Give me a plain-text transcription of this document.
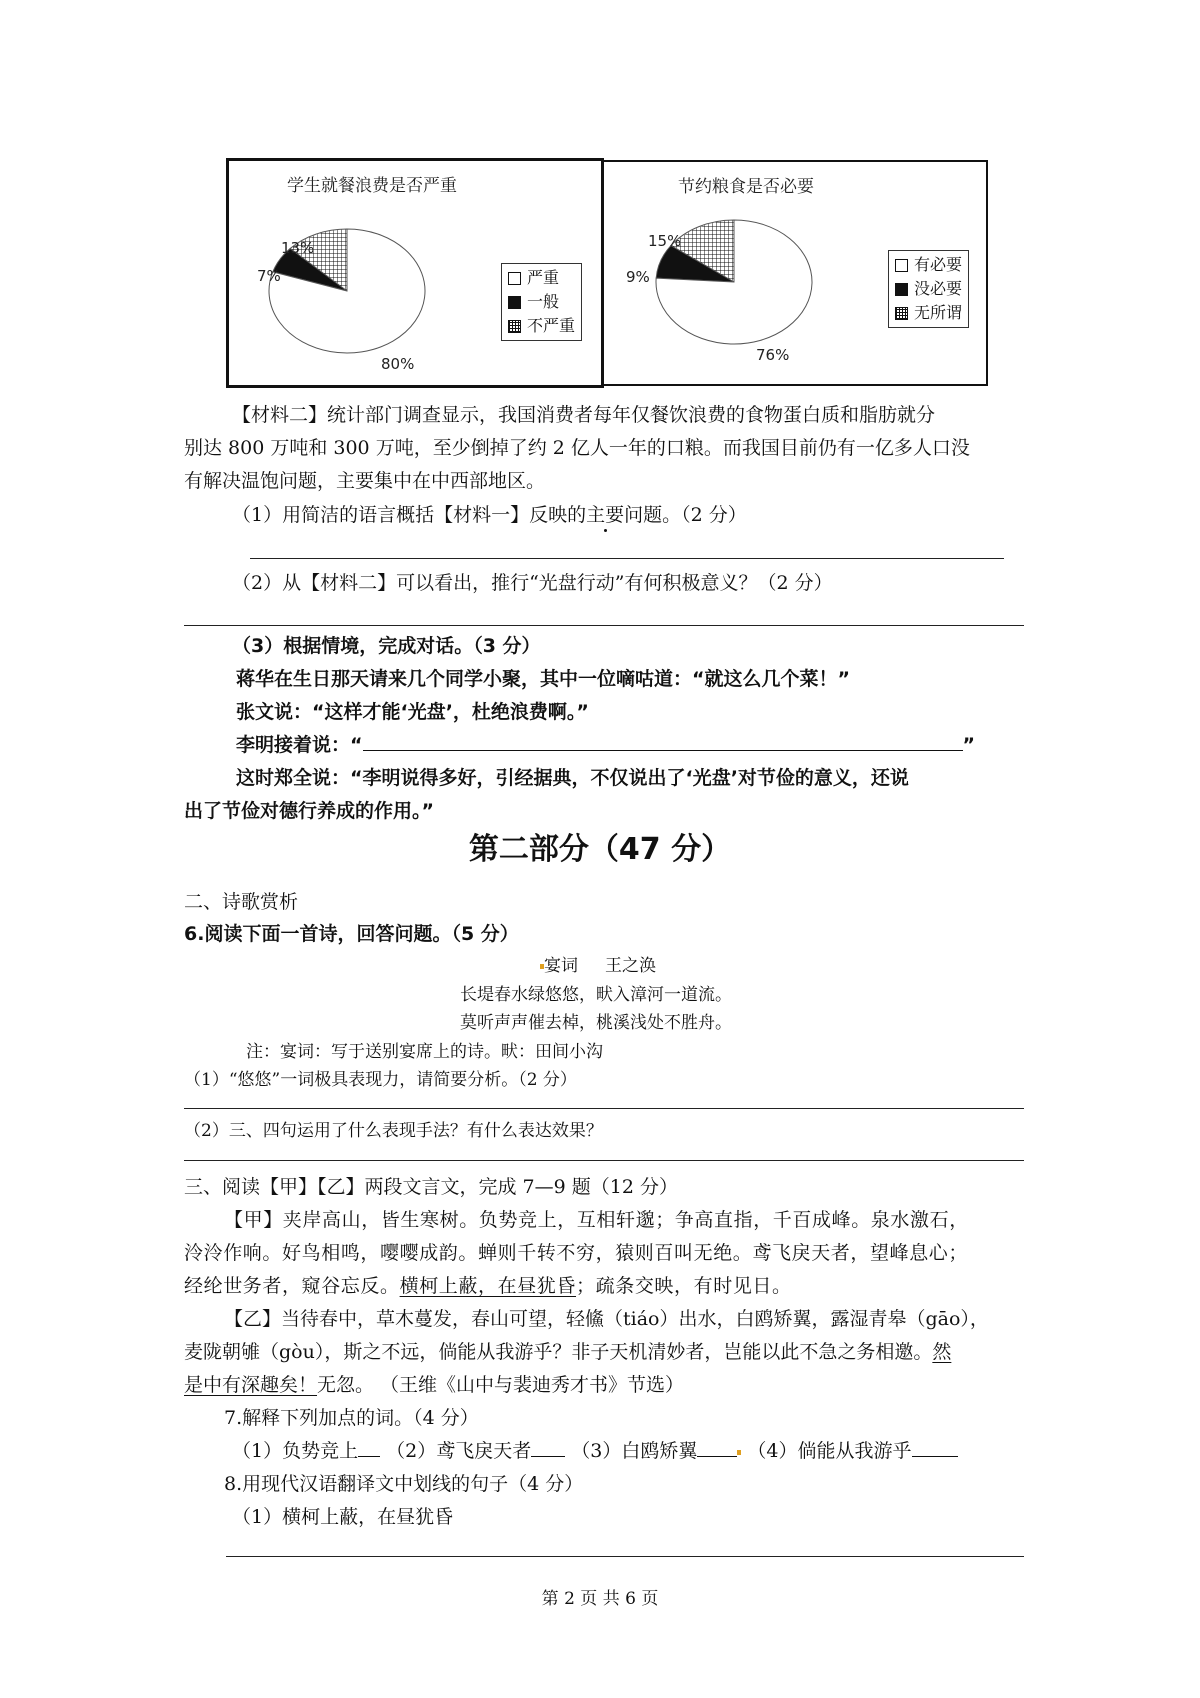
学生就餐浪费是否严重
13%
7%
80%
严重
一般
不严重
节约粮食是否必要
15%
9%
76%
有必要
没必要
无所谓
【材料二】统计部门调查显示，我国消费者每年仅餐饮浪费的食物蛋白质和脂肪就分
别达 800 万吨和 300 万吨，至少倒掉了约 2 亿人一年的口粮。而我国目前仍有一亿多人口没
有解决温饱问题，主要集中在中西部地区。
（1）用简洁的语言概括【材料一】反映的主要问题。（2 分）
（2）从【材料二】可以看出，推行“光盘行动”有何积极意义？（2 分）
（3）根据情境，完成对话。（3 分）
蒋华在生日那天请来几个同学小聚，其中一位嘀咕道：“就这么几个菜！”
张文说：“这样才能‘光盘’，杜绝浪费啊。”
李明接着说：“	”
这时郑全说：“李明说得多好，引经据典，不仅说出了‘光盘’对节俭的意义，还说
出了节俭对德行养成的作用。”
第二部分（47 分）
二、诗歌赏析
6.阅读下面一首诗，回答问题。（5 分）
宴词 王之涣
长堤春水绿悠悠，畎入漳河一道流。
莫听声声催去棹，桃溪浅处不胜舟。
注：宴词：写于送别宴席上的诗。畎：田间小沟
（1）“悠悠”一词极具表现力，请简要分析。（2 分）
（2）三、四句运用了什么表现手法？有什么表达效果？
三、阅读【甲】【乙】两段文言文，完成 7—9 题（12 分）
【甲】夹岸高山，皆生寒树。负势竞上，互相轩邈；争高直指，千百成峰。泉水激石，
泠泠作响。好鸟相鸣，嘤嘤成韵。蝉则千转不穷，猿则百叫无绝。鸢飞戾天者，望峰息心；
经纶世务者，窥谷忘反。横柯上蔽，在昼犹昏；疏条交映，有时见日。
【乙】当待春中，草木蔓发，春山可望，轻鯈（tiáo）出水，白鸥矫翼，露湿青皋（gāo），
麦陇朝雊（gòu），斯之不远，倘能从我游乎？非子天机清妙者，岂能以此不急之务相邀。然
是中有深趣矣！无忽。 （王维《山中与裴迪秀才书》节选）
7.解释下列加点的词。（4 分）
（1）负势竞上 （2）鸢飞戾天者 （3）白鸥矫翼	（4）倘能从我游乎
8.用现代汉语翻译文中划线的句子（4 分）
（1）横柯上蔽，在昼犹昏
第 2 页 共 6 页
